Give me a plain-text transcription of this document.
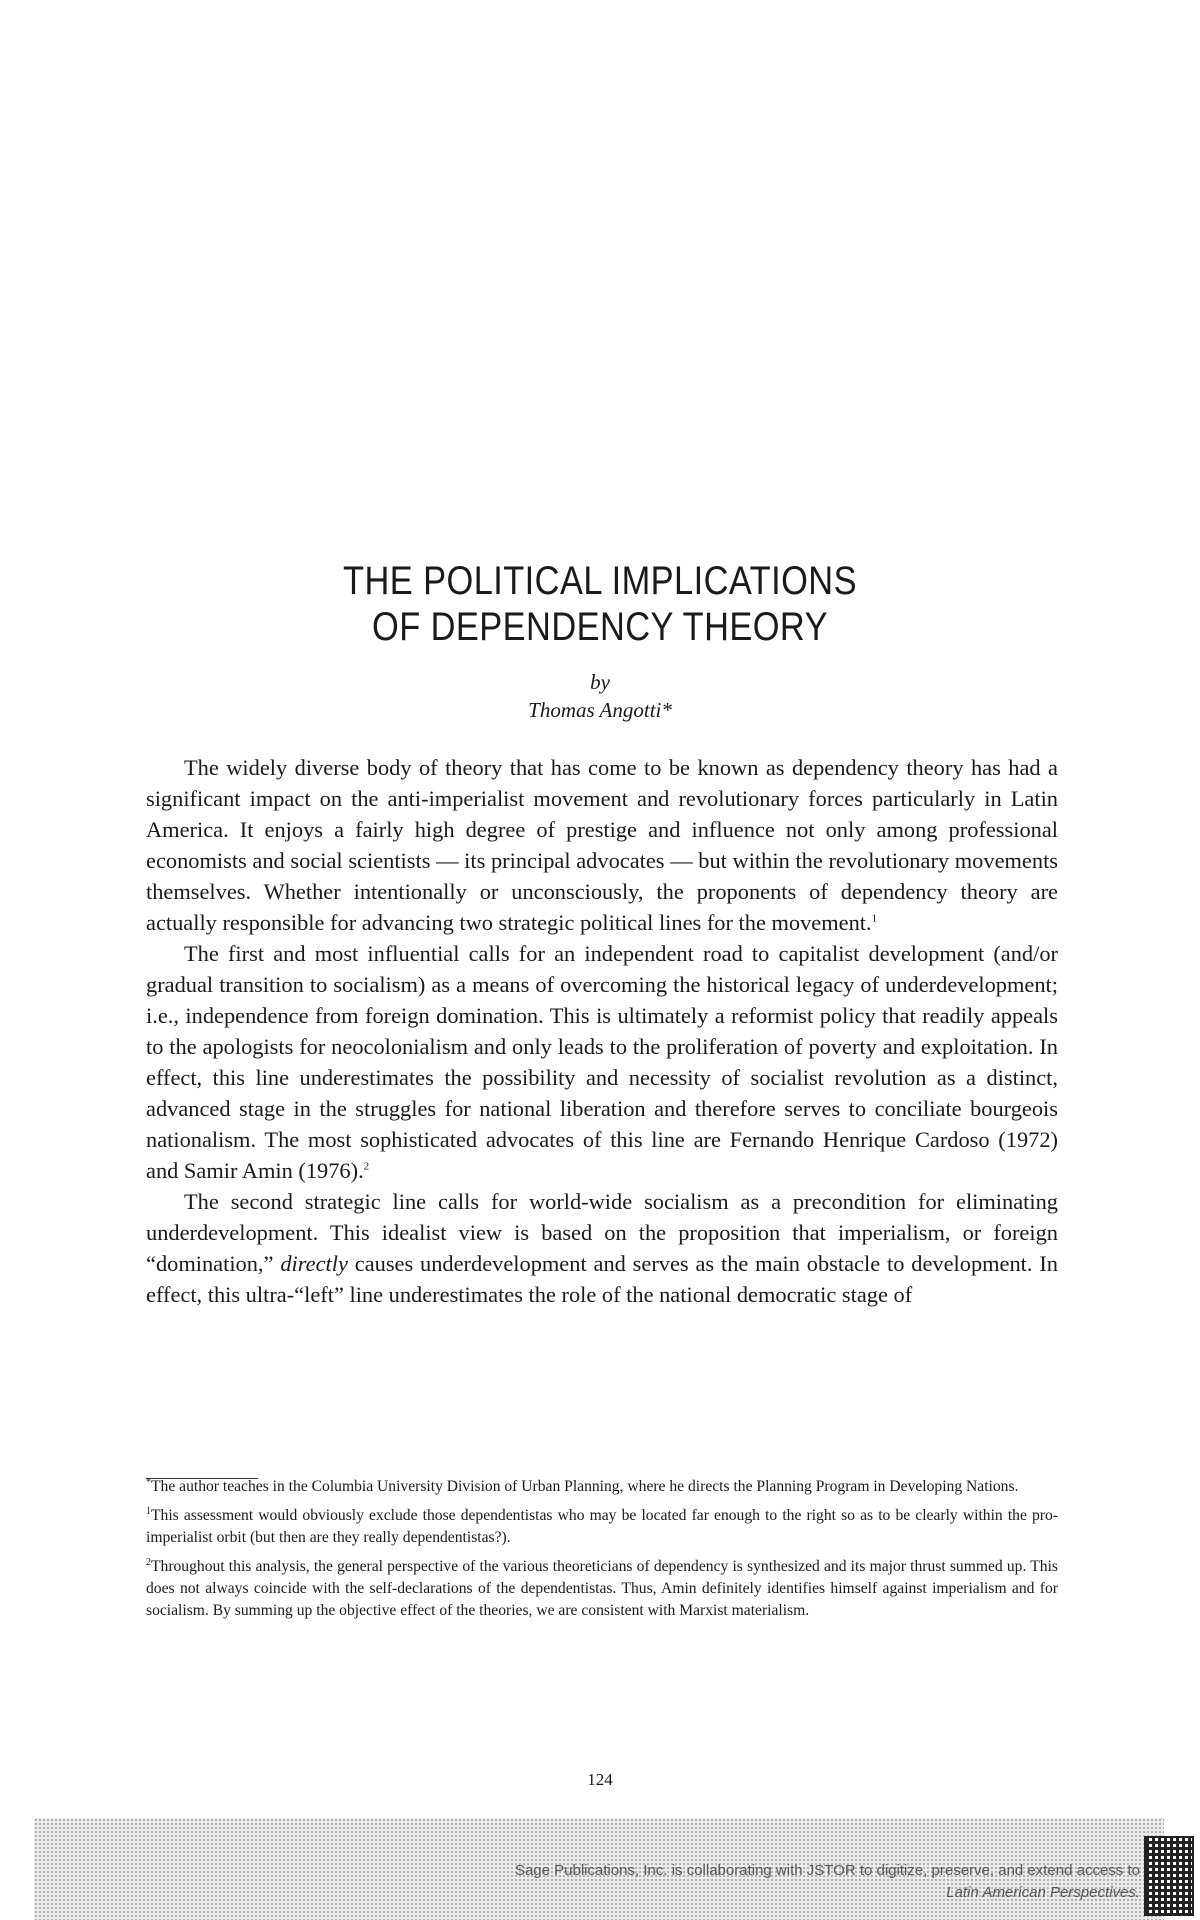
THE POLITICAL IMPLICATIONS
OF DEPENDENCY THEORY
by
Thomas Angotti*

The widely diverse body of theory that has come to be known as dependency theory has had a significant impact on the anti-imperialist movement and revolutionary forces particularly in Latin America. It enjoys a fairly high degree of prestige and influence not only among professional economists and social scientists — its principal advocates — but within the revolutionary movements themselves. Whether intentionally or unconsciously, the proponents of dependency theory are actually responsible for advancing two strategic political lines for the movement.$^1$

The first and most influential calls for an independent road to capitalist development (and/or gradual transition to socialism) as a means of overcoming the historical legacy of underdevelopment; i.e., independence from foreign domination. This is ultimately a reformist policy that readily appeals to the apologists for neocolonialism and only leads to the proliferation of poverty and exploitation. In effect, this line underestimates the possibility and necessity of socialist revolution as a distinct, advanced stage in the struggles for national liberation and therefore serves to conciliate bourgeois nationalism. The most sophisticated advocates of this line are Fernando Henrique Cardoso (1972) and Samir Amin (1976).$^2$

The second strategic line calls for world-wide socialism as a precondition for eliminating underdevelopment. This idealist view is based on the proposition that imperialism, or foreign “domination,” directly causes underdevelopment and serves as the main obstacle to development. In effect, this ultra-“left” line underestimates the role of the national democratic stage of

*The author teaches in the Columbia University Division of Urban Planning, where he directs the Planning Program in Developing Nations.

$^1$This assessment would obviously exclude those dependentistas who may be located far enough to the right so as to be clearly within the pro-imperialist orbit (but then are they really dependentistas?).

$^2$Throughout this analysis, the general perspective of the various theoreticians of dependency is synthesized and its major thrust summed up. This does not always coincide with the self-declarations of the dependentistas. Thus, Amin definitely identifies himself against imperialism and for socialism. By summing up the objective effect of the theories, we are consistent with Marxist materialism.

124
Sage Publications, Inc. is collaborating with JSTOR to digitize, preserve, and extend access to
Latin American Perspectives.
